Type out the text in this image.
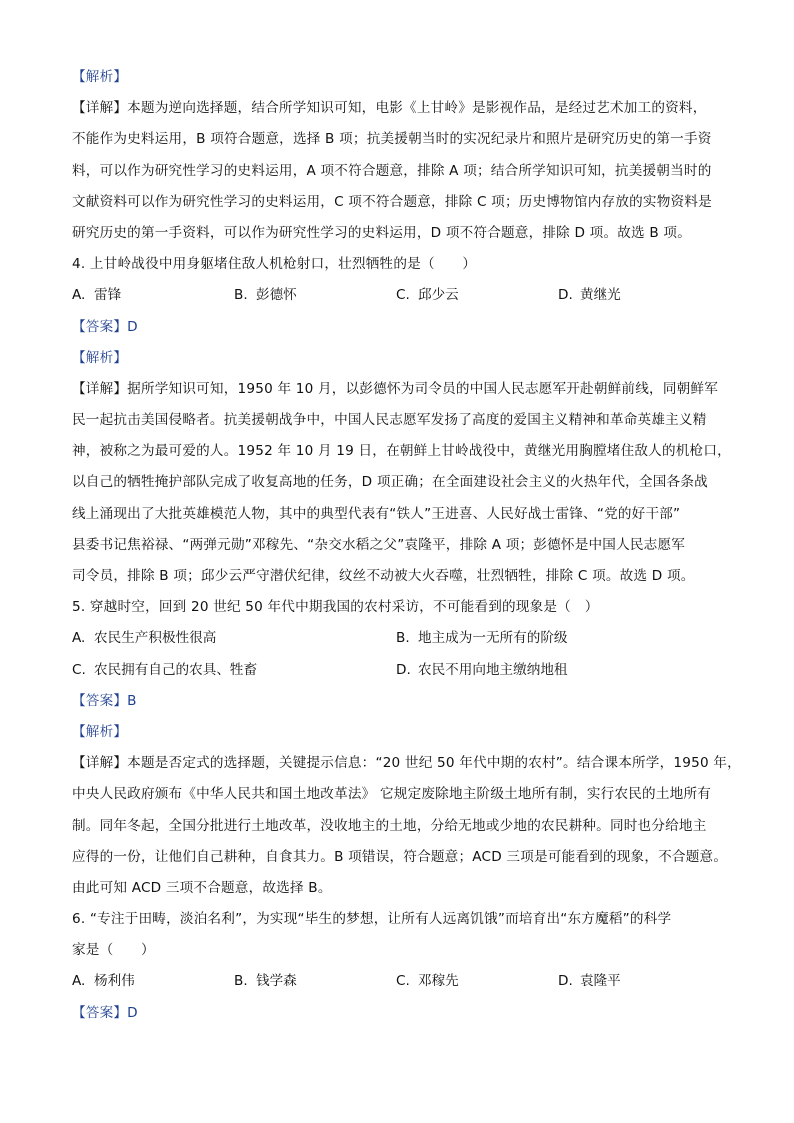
【解析】
【详解】本题为逆向选择题，结合所学知识可知，电影《上甘岭》是影视作品，是经过艺术加工的资料，
不能作为史料运用，B 项符合题意，选择 B 项；抗美援朝当时的实况纪录片和照片是研究历史的第一手资
料，可以作为研究性学习的史料运用，A 项不符合题意，排除 A 项；结合所学知识可知，抗美援朝当时的
文献资料可以作为研究性学习的史料运用，C 项不符合题意，排除 C 项；历史博物馆内存放的实物资料是
研究历史的第一手资料，可以作为研究性学习的史料运用，D 项不符合题意，排除 D 项。故选 B 项。
4. 上甘岭战役中用身躯堵住敌人机枪射口，壮烈牺牲的是（　　）
A. 雷锋	B. 彭德怀	C. 邱少云	D. 黄继光
【答案】D
【解析】
【详解】据所学知识可知，1950 年 10 月，以彭德怀为司令员的中国人民志愿军开赴朝鲜前线，同朝鲜军
民一起抗击美国侵略者。抗美援朝战争中，中国人民志愿军发扬了高度的爱国主义精神和革命英雄主义精
神，被称之为最可爱的人。1952 年 10 月 19 日，在朝鲜上甘岭战役中，黄继光用胸膛堵住敌人的机枪口，
以自己的牺牲掩护部队完成了收复高地的任务，D 项正确；在全面建设社会主义的火热年代，全国各条战
线上涌现出了大批英雄模范人物，其中的典型代表有“铁人”王进喜、人民好战士雷锋、“党的好干部”
县委书记焦裕禄、“两弹元勋”邓稼先、“杂交水稻之父”袁隆平，排除 A 项；彭德怀是中国人民志愿军
司令员，排除 B 项；邱少云严守潜伏纪律，纹丝不动被大火吞噬，壮烈牺牲，排除 C 项。故选 D 项。
5. 穿越时空，回到 20 世纪 50 年代中期我国的农村采访，不可能看到的现象是（　）
A. 农民生产积极性很高	B. 地主成为一无所有的阶级
C. 农民拥有自己的农具、牲畜	D. 农民不用向地主缴纳地租
【答案】B
【解析】
【详解】本题是否定式的选择题，关键提示信息：“20 世纪 50 年代中期的农村”。结合课本所学，1950 年，
中央人民政府颁布《中华人民共和国土地改革法》 它规定废除地主阶级土地所有制，实行农民的土地所有
制。同年冬起，全国分批进行土地改革，没收地主的土地，分给无地或少地的农民耕种。同时也分给地主
应得的一份，让他们自己耕种，自食其力。B 项错误，符合题意；ACD 三项是可能看到的现象，不合题意。
由此可知 ACD 三项不合题意，故选择 B。
6. “专注于田畴，淡泊名利”，为实现“毕生的梦想，让所有人远离饥饿”而培育出“东方魔稻”的科学
家是（　　）
A. 杨利伟	B. 钱学森	C. 邓稼先	D. 袁隆平
【答案】D
